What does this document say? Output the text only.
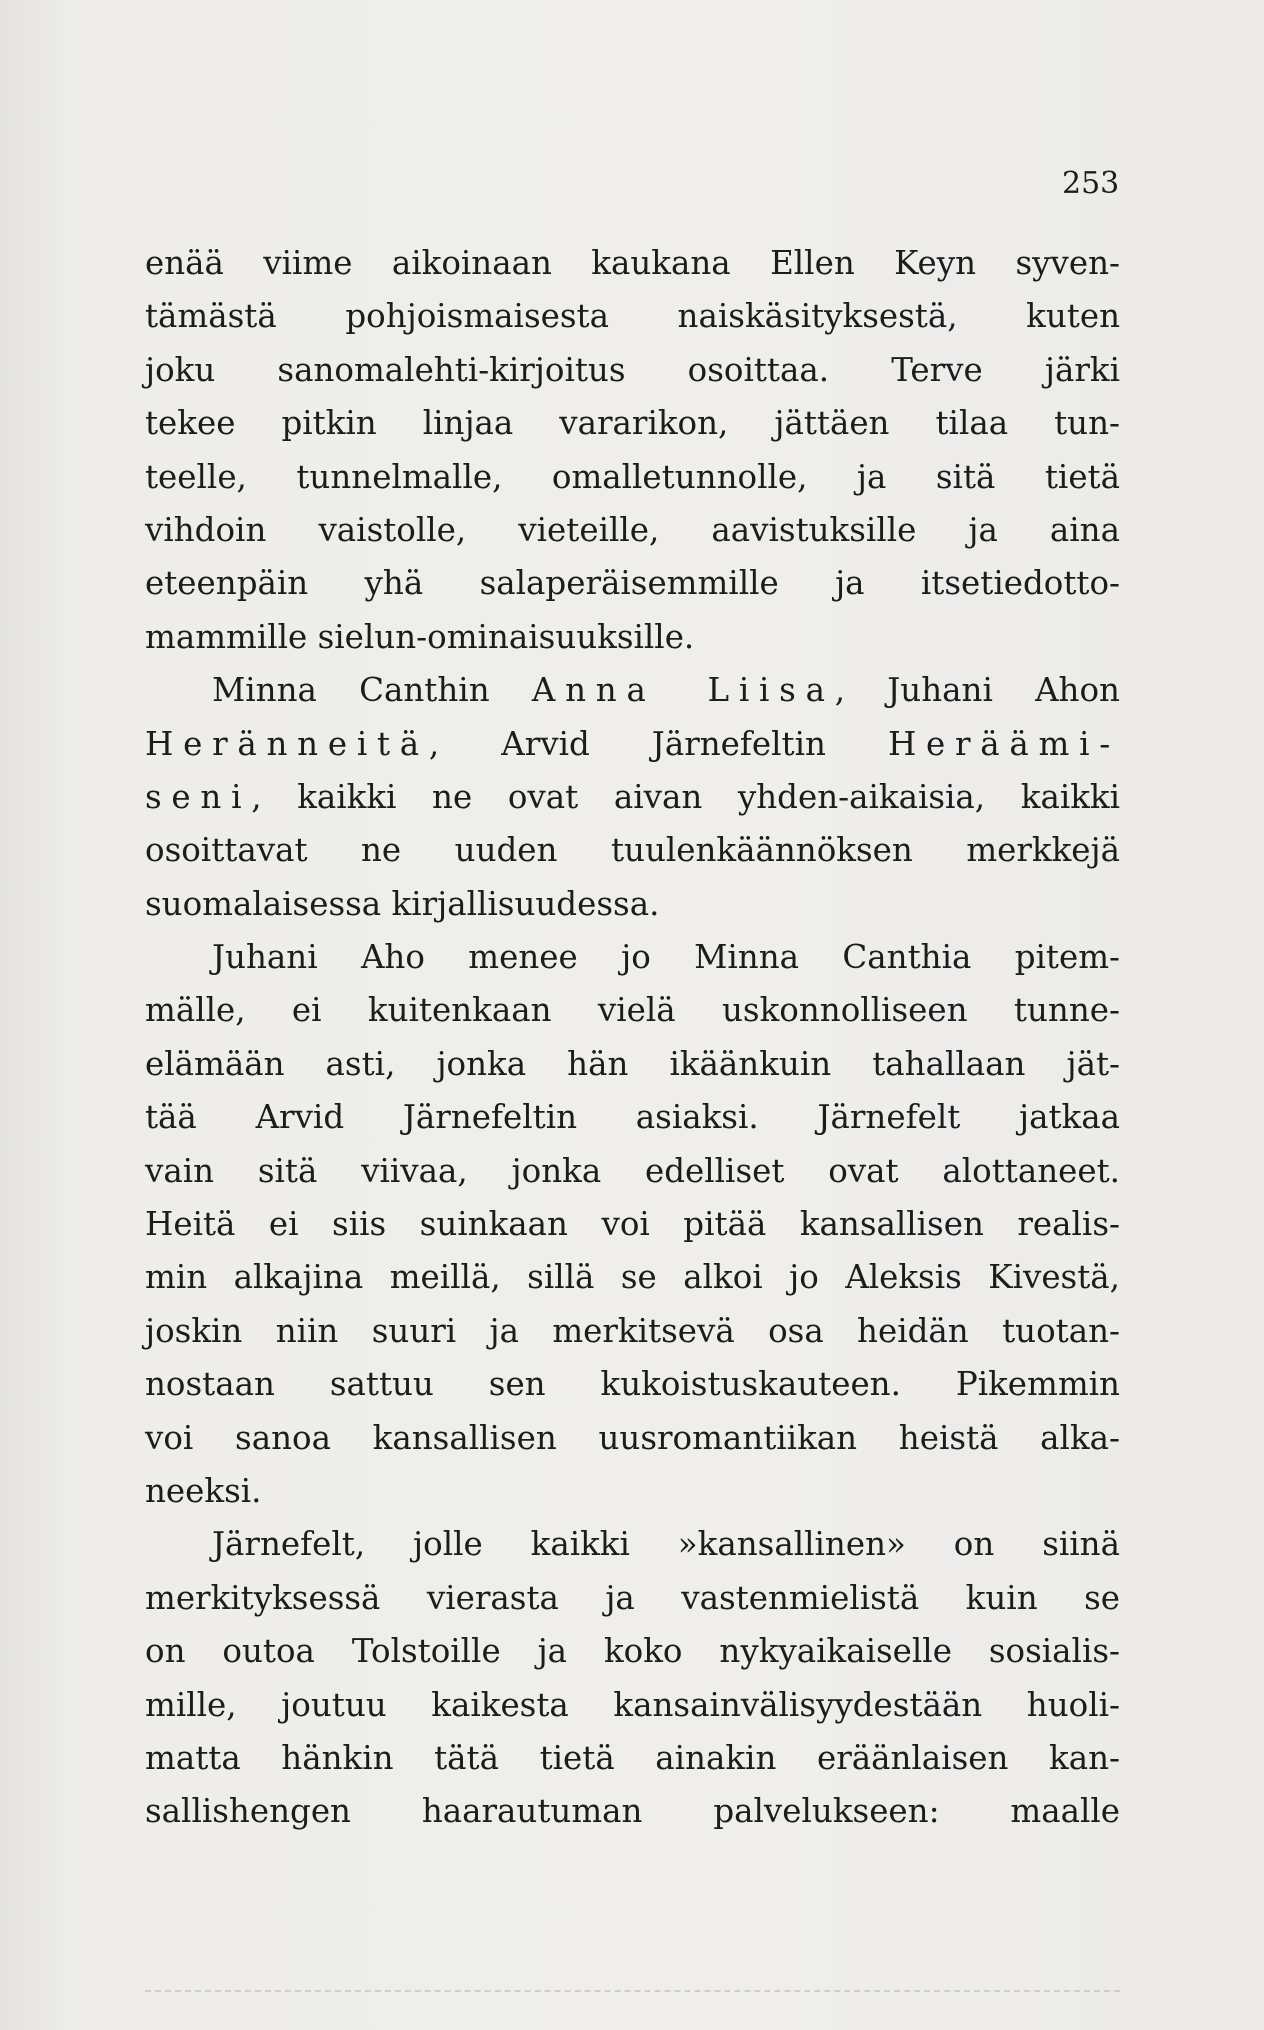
253
enää viime aikoinaan kaukana Ellen Keyn syven-
tämästä pohjoismaisesta naiskäsityksestä, kuten
joku sanomalehti-kirjoitus osoittaa. Terve järki
tekee pitkin linjaa vararikon, jättäen tilaa tun-
teelle, tunnelmalle, omalletunnolle, ja sitä tietä
vihdoin vaistolle, vieteille, aavistuksille ja aina
eteenpäin yhä salaperäisemmille ja itsetiedotto-
mammille sielun-ominaisuuksille.
Minna Canthin Anna Liisa, Juhani Ahon
Heränneitä, Arvid Järnefeltin Heräämi-
seni, kaikki ne ovat aivan yhden-aikaisia, kaikki
osoittavat ne uuden tuulenkäännöksen merkkejä
suomalaisessa kirjallisuudessa.
Juhani Aho menee jo Minna Canthia pitem-
mälle, ei kuitenkaan vielä uskonnolliseen tunne-
elämään asti, jonka hän ikäänkuin tahallaan jät-
tää Arvid Järnefeltin asiaksi. Järnefelt jatkaa
vain sitä viivaa, jonka edelliset ovat alottaneet.
Heitä ei siis suinkaan voi pitää kansallisen realis-
min alkajina meillä, sillä se alkoi jo Aleksis Kivestä,
joskin niin suuri ja merkitsevä osa heidän tuotan-
nostaan sattuu sen kukoistuskauteen. Pikemmin
voi sanoa kansallisen uusromantiikan heistä alka-
neeksi.
Järnefelt, jolle kaikki »kansallinen» on siinä
merkityksessä vierasta ja vastenmielistä kuin se
on outoa Tolstoille ja koko nykyaikaiselle sosialis-
mille, joutuu kaikesta kansainvälisyydestään huoli-
matta hänkin tätä tietä ainakin eräänlaisen kan-
sallishengen haarautuman palvelukseen: maalle
